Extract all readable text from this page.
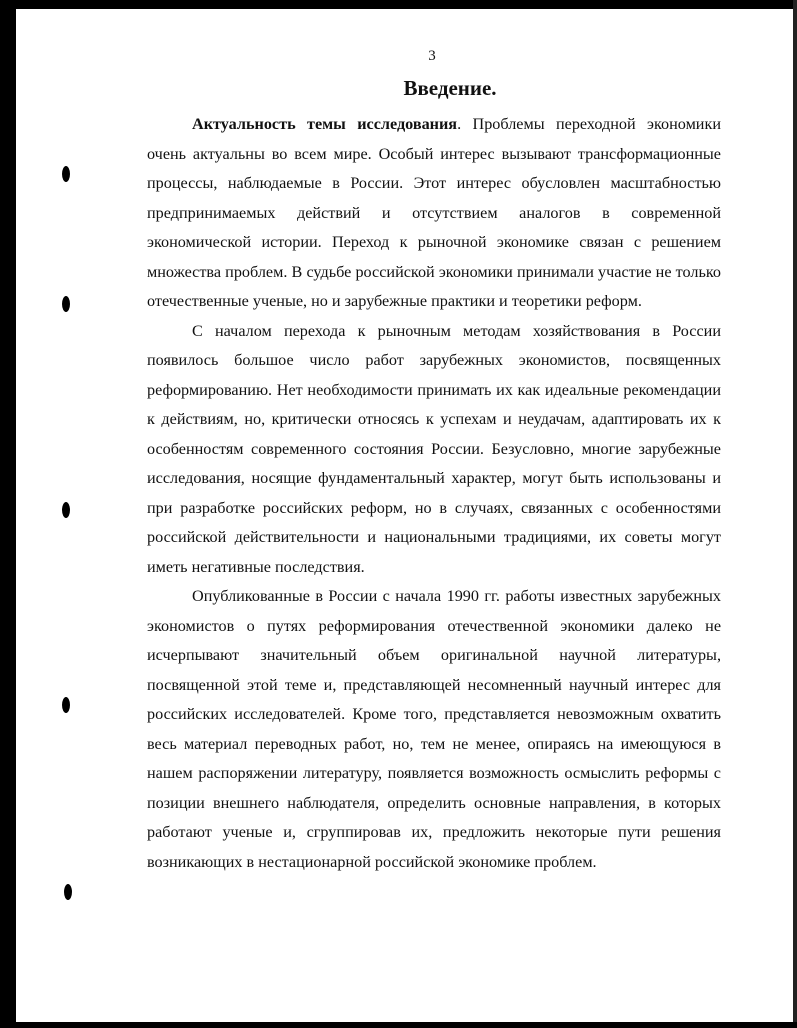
3
Введение.

Актуальность темы исследования. Проблемы переходной экономики очень актуальны во всем мире. Особый интерес вызывают трансформационные процессы, наблюдаемые в России. Этот интерес обусловлен масштабностью предпринимаемых действий и отсутствием аналогов в современной экономической истории. Переход к рыночной экономике связан с решением множества проблем. В судьбе российской экономики принимали участие не только отечественные ученые, но и зарубежные практики и теоретики реформ.

С началом перехода к рыночным методам хозяйствования в России появилось большое число работ зарубежных экономистов, посвященных реформированию. Нет необходимости принимать их как идеальные рекомендации к действиям, но, критически относясь к успехам и неудачам, адаптировать их к особенностям современного состояния России. Безусловно, многие зарубежные исследования, носящие фундаментальный характер, могут быть использованы и при разработке российских реформ, но в случаях, связанных с особенностями российской действительности и национальными традициями, их советы могут иметь негативные последствия.

Опубликованные в России с начала 1990 гг. работы известных зарубежных экономистов о путях реформирования отечественной экономики далеко не исчерпывают значительный объем оригинальной научной литературы, посвященной этой теме и, представляющей несомненный научный интерес для российских исследователей. Кроме того, представляется невозможным охватить весь материал переводных работ, но, тем не менее, опираясь на имеющуюся в нашем распоряжении литературу, появляется возможность осмыслить реформы с позиции внешнего наблюдателя, определить основные направления, в которых работают ученые и, сгруппировав их, предложить некоторые пути решения возникающих в нестационарной российской экономике проблем.
